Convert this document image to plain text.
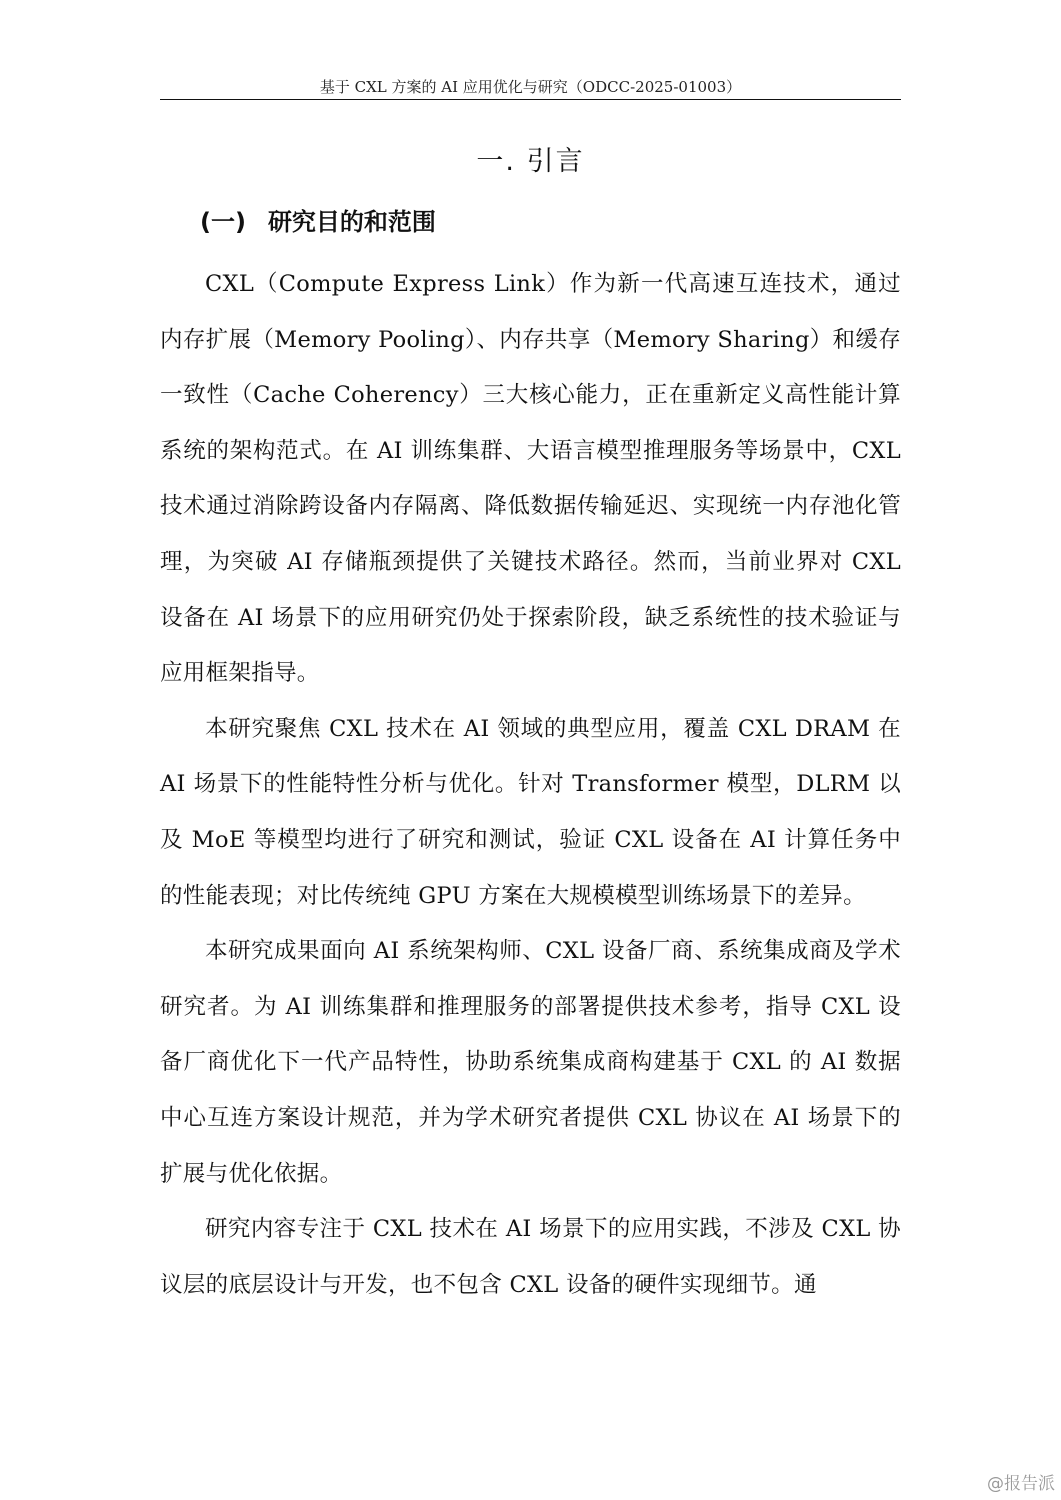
基于 CXL 方案的 AI 应用优化与研究（ODCC-2025-01003）
一. 引言
(一) 研究目的和范围

CXL（Compute Express Link）作为新一代高速互连技术，通过内存扩展（Memory Pooling）、内存共享（Memory Sharing）和缓存一致性（Cache Coherency）三大核心能力，正在重新定义高性能计算系统的架构范式。在 AI 训练集群、大语言模型推理服务等场景中，CXL 技术通过消除跨设备内存隔离、降低数据传输延迟、实现统一内存池化管理，为突破 AI 存储瓶颈提供了关键技术路径。然而，当前业界对 CXL 设备在 AI 场景下的应用研究仍处于探索阶段，缺乏系统性的技术验证与应用框架指导。

本研究聚焦 CXL 技术在 AI 领域的典型应用，覆盖 CXL DRAM 在 AI 场景下的性能特性分析与优化。针对 Transformer 模型，DLRM 以及 MoE 等模型均进行了研究和测试，验证 CXL 设备在 AI 计算任务中的性能表现；对比传统纯 GPU 方案在大规模模型训练场景下的差异。

本研究成果面向 AI 系统架构师、CXL 设备厂商、系统集成商及学术研究者。为 AI 训练集群和推理服务的部署提供技术参考，指导 CXL 设备厂商优化下一代产品特性，协助系统集成商构建基于 CXL 的 AI 数据中心互连方案设计规范，并为学术研究者提供 CXL 协议在 AI 场景下的扩展与优化依据。

研究内容专注于 CXL 技术在 AI 场景下的应用实践，不涉及 CXL 协议层的底层设计与开发，也不包含 CXL 设备的硬件实现细节。通

@报告派
